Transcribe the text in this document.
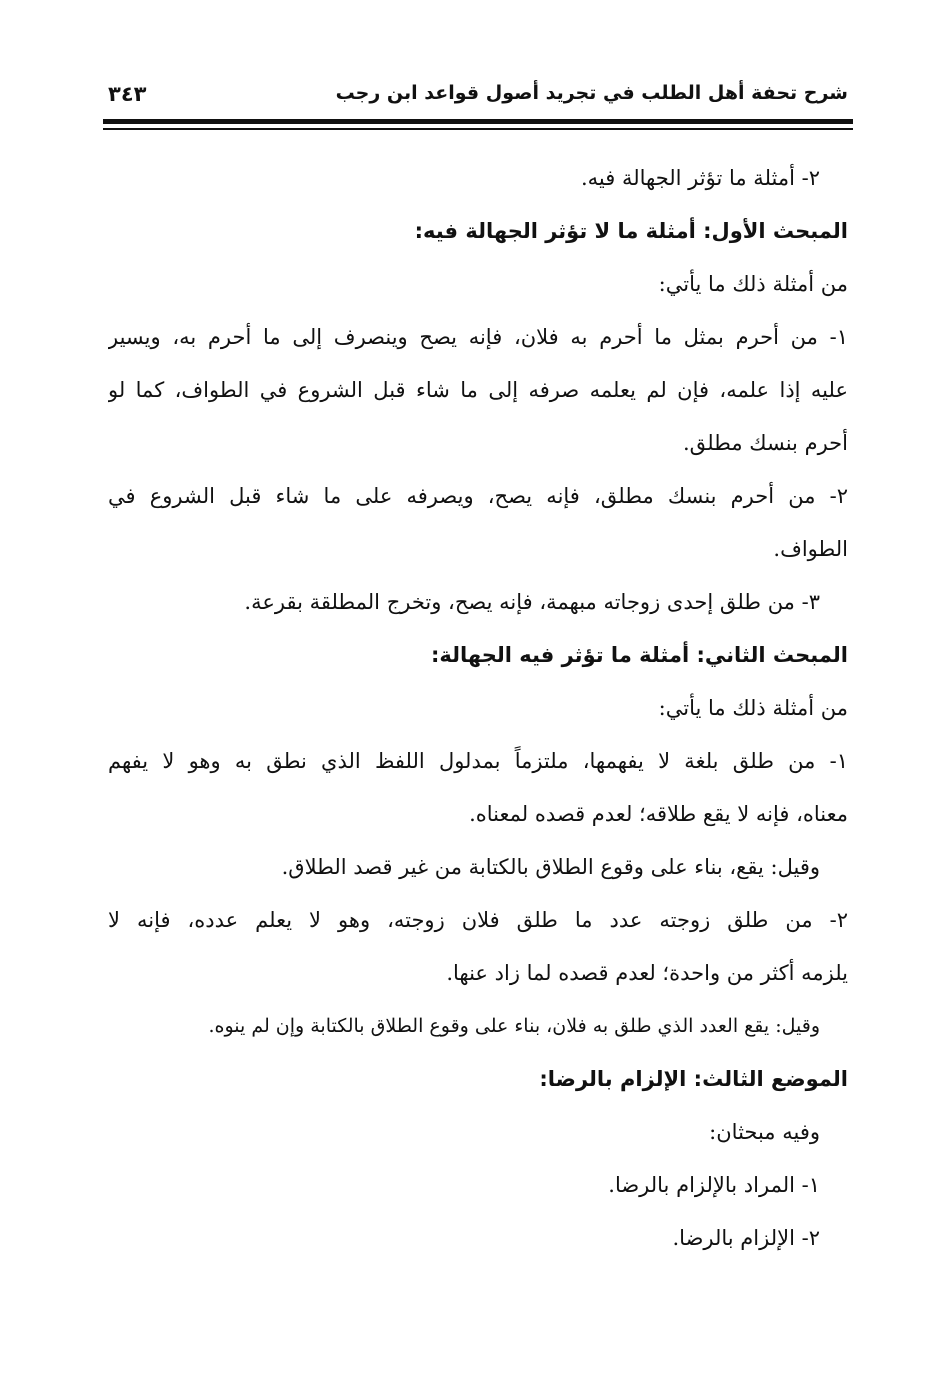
شرح تحفة أهل الطلب في تجريد أصول قواعد ابن رجب
٣٤٣
٢- أمثلة ما تؤثر الجهالة فيه.
المبحث الأول: أمثلة ما لا تؤثر الجهالة فيه:
من أمثلة ذلك ما يأتي:
١- من أحرم بمثل ما أحرم به فلان، فإنه يصح وينصرف إلى ما أحرم به، ويسير
عليه إذا علمه، فإن لم يعلمه صرفه إلى ما شاء قبل الشروع في الطواف، كما لو
أحرم بنسك مطلق.
٢- من أحرم بنسك مطلق، فإنه يصح، ويصرفه على ما شاء قبل الشروع في
الطواف.
٣- من طلق إحدى زوجاته مبهمة، فإنه يصح، وتخرج المطلقة بقرعة.
المبحث الثاني: أمثلة ما تؤثر فيه الجهالة:
من أمثلة ذلك ما يأتي:
١- من طلق بلغة لا يفهمها، ملتزماً بمدلول اللفظ الذي نطق به وهو لا يفهم
معناه، فإنه لا يقع طلاقه؛ لعدم قصده لمعناه.
وقيل: يقع، بناء على وقوع الطلاق بالكتابة من غير قصد الطلاق.
٢- من طلق زوجته عدد ما طلق فلان زوجته، وهو لا يعلم عدده، فإنه لا
يلزمه أكثر من واحدة؛ لعدم قصده لما زاد عنها.
وقيل: يقع العدد الذي طلق به فلان، بناء على وقوع الطلاق بالكتابة وإن لم ينوه.
الموضع الثالث: الإلزام بالرضا:
وفيه مبحثان:
١- المراد بالإلزام بالرضا.
٢- الإلزام بالرضا.
